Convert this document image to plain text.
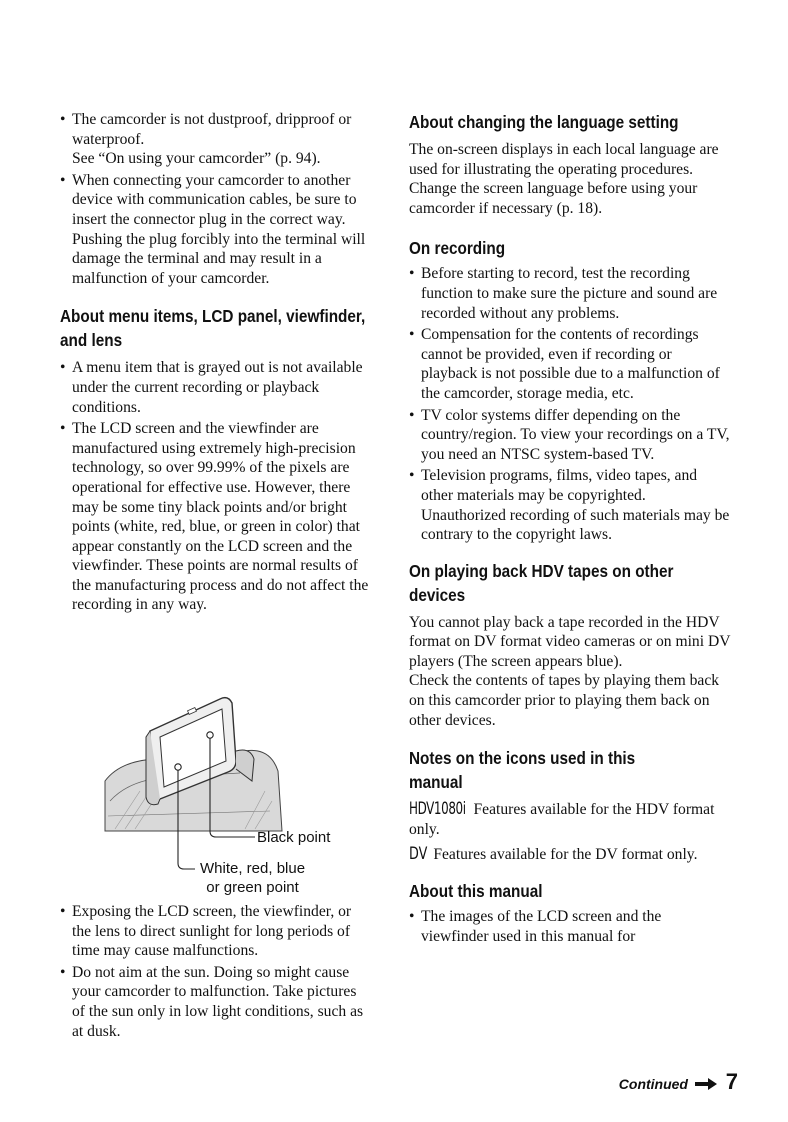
• The camcorder is not dustproof, dripproof or waterproof.
See “On using your camcorder” (p. 94).
• When connecting your camcorder to another device with communication cables, be sure to insert the connector plug in the correct way. Pushing the plug forcibly into the terminal will damage the terminal and may result in a malfunction of your camcorder.
About menu items, LCD panel, viewfinder, and lens
• A menu item that is grayed out is not available under the current recording or playback conditions.
• The LCD screen and the viewfinder are manufactured using extremely high-precision technology, so over 99.99% of the pixels are operational for effective use. However, there may be some tiny black points and/or bright points (white, red, blue, or green in color) that appear constantly on the LCD screen and the viewfinder. These points are normal results of the manufacturing process and do not affect the recording in any way.
Black point
White, red, blue
or green point
• Exposing the LCD screen, the viewfinder, or the lens to direct sunlight for long periods of time may cause malfunctions.
• Do not aim at the sun. Doing so might cause your camcorder to malfunction. Take pictures of the sun only in low light conditions, such as at dusk.
About changing the language setting

The on-screen displays in each local language are used for illustrating the operating procedures. Change the screen language before using your camcorder if necessary (p. 18).

On recording
• Before starting to record, test the recording function to make sure the picture and sound are recorded without any problems.
• Compensation for the contents of recordings cannot be provided, even if recording or playback is not possible due to a malfunction of the camcorder, storage media, etc.
• TV color systems differ depending on the country/region. To view your recordings on a TV, you need an NTSC system-based TV.
• Television programs, films, video tapes, and other materials may be copyrighted. Unauthorized recording of such materials may be contrary to the copyright laws.
On playing back HDV tapes on other devices

You cannot play back a tape recorded in the HDV format on DV format video cameras or on mini DV players (The screen appears blue).
Check the contents of tapes by playing them back on this camcorder prior to playing them back on other devices.

Notes on the icons used in this manual

HDV1080i Features available for the HDV format only.

DV Features available for the DV format only.

About this manual
• The images of the LCD screen and the viewfinder used in this manual for
Continued 7
